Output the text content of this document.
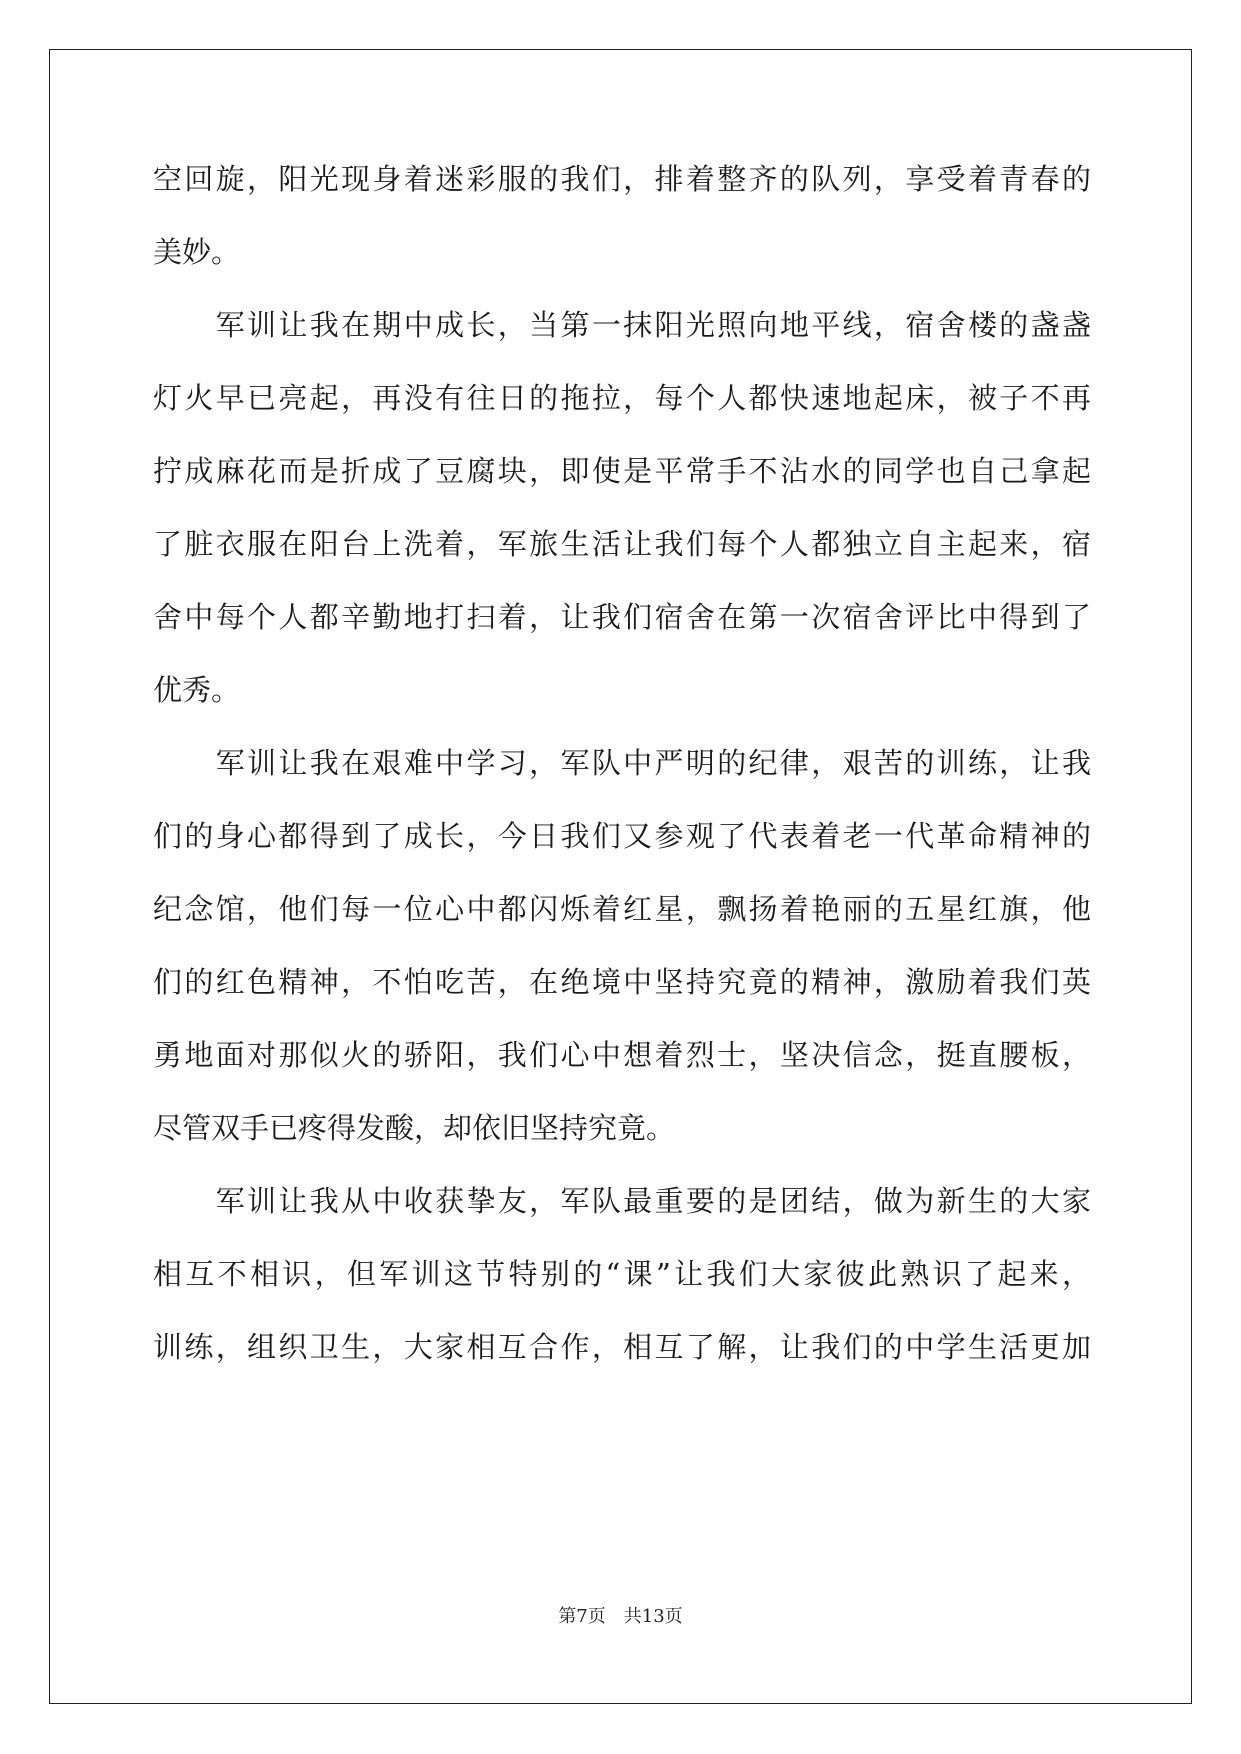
空回旋，阳光现身着迷彩服的我们，排着整齐的队列，享受着青春的
美妙。
　　军训让我在期中成长，当第一抹阳光照向地平线，宿舍楼的盏盏
灯火早已亮起，再没有往日的拖拉，每个人都快速地起床，被子不再
拧成麻花而是折成了豆腐块，即使是平常手不沾水的同学也自己拿起
了脏衣服在阳台上洗着，军旅生活让我们每个人都独立自主起来，宿
舍中每个人都辛勤地打扫着，让我们宿舍在第一次宿舍评比中得到了
优秀。
　　军训让我在艰难中学习，军队中严明的纪律，艰苦的训练，让我
们的身心都得到了成长，今日我们又参观了代表着老一代革命精神的
纪念馆，他们每一位心中都闪烁着红星，飘扬着艳丽的五星红旗，他
们的红色精神，不怕吃苦，在绝境中坚持究竟的精神，激励着我们英
勇地面对那似火的骄阳，我们心中想着烈士，坚决信念，挺直腰板，
尽管双手已疼得发酸，却依旧坚持究竟。
　　军训让我从中收获挚友，军队最重要的是团结，做为新生的大家
相互不相识，但军训这节特别的“课”让我们大家彼此熟识了起来，
训练，组织卫生，大家相互合作，相互了解，让我们的中学生活更加
第7页 共13页
